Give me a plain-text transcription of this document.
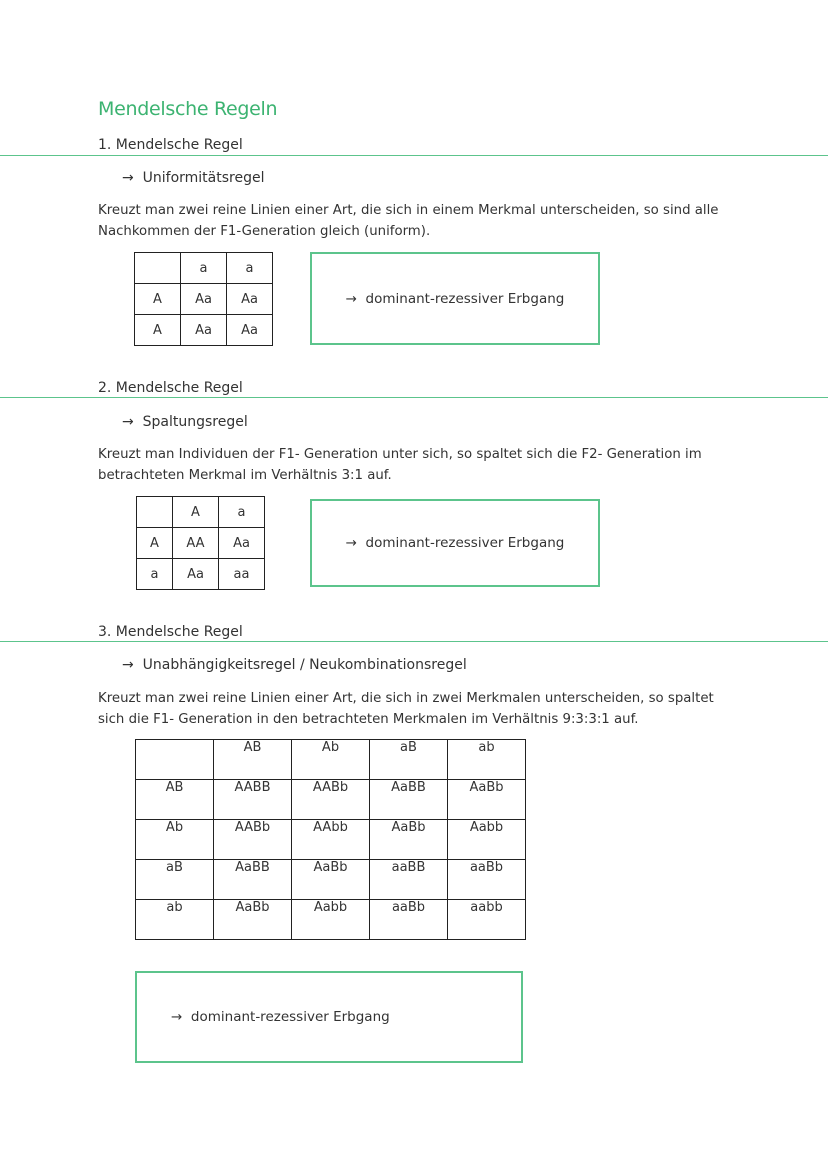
Mendelsche Regeln
1. Mendelsche Regel
→ Uniformitätsregel
Kreuzt man zwei reine Linien einer Art, die sich in einem Merkmal unterscheiden, so sind alle Nachkommen der F1-Generation gleich (uniform).
	a	a
A	Aa	Aa
A	Aa	Aa
→
dominant-rezessiver Erbgang
2. Mendelsche Regel
→ Spaltungsregel
Kreuzt man Individuen der F1- Generation unter sich, so spaltet sich die F2- Generation im betrachteten Merkmal im Verhältnis 3:1 auf.
	A	a
A	AA	Aa
a	Aa	aa
→
dominant-rezessiver Erbgang
3. Mendelsche Regel
→ Unabhängigkeitsregel / Neukombinationsregel
Kreuzt man zwei reine Linien einer Art, die sich in zwei Merkmalen unterscheiden, so spaltet sich die F1- Generation in den betrachteten Merkmalen im Verhältnis 9:3:3:1 auf.
	AB	Ab	aB	ab
AB	AABB	AABb	AaBB	AaBb
Ab	AABb	AAbb	AaBb	Aabb
aB	AaBB	AaBb	aaBB	aaBb
ab	AaBb	Aabb	aaBb	aabb
→
dominant-rezessiver Erbgang
